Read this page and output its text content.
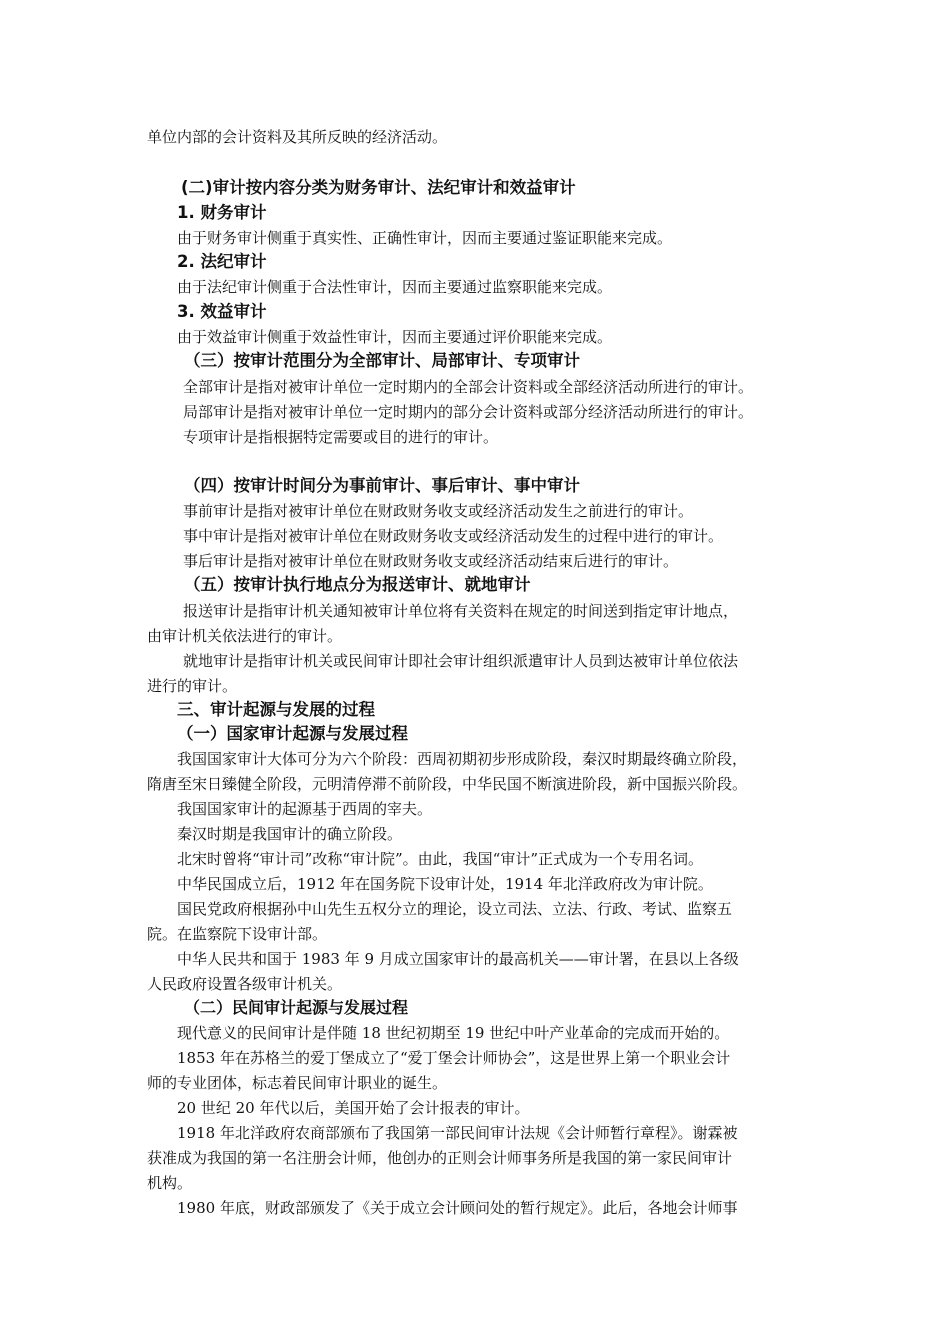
单位内部的会计资料及其所反映的经济活动。
(二)审计按内容分类为财务审计、法纪审计和效益审计
1. 财务审计
由于财务审计侧重于真实性、正确性审计，因而主要通过鉴证职能来完成。
2. 法纪审计
由于法纪审计侧重于合法性审计，因而主要通过监察职能来完成。
3. 效益审计
由于效益审计侧重于效益性审计，因而主要通过评价职能来完成。
（三）按审计范围分为全部审计、局部审计、专项审计
全部审计是指对被审计单位一定时期内的全部会计资料或全部经济活动所进行的审计。
局部审计是指对被审计单位一定时期内的部分会计资料或部分经济活动所进行的审计。
专项审计是指根据特定需要或目的进行的审计。
（四）按审计时间分为事前审计、事后审计、事中审计
事前审计是指对被审计单位在财政财务收支或经济活动发生之前进行的审计。
事中审计是指对被审计单位在财政财务收支或经济活动发生的过程中进行的审计。
事后审计是指对被审计单位在财政财务收支或经济活动结束后进行的审计。
（五）按审计执行地点分为报送审计、就地审计
报送审计是指审计机关通知被审计单位将有关资料在规定的时间送到指定审计地点，
由审计机关依法进行的审计。
就地审计是指审计机关或民间审计即社会审计组织派遣审计人员到达被审计单位依法
进行的审计。
三、审计起源与发展的过程
（一）国家审计起源与发展过程
我国国家审计大体可分为六个阶段：西周初期初步形成阶段，秦汉时期最终确立阶段，
隋唐至宋日臻健全阶段，元明清停滞不前阶段，中华民国不断演进阶段，新中国振兴阶段。
我国国家审计的起源基于西周的宰夫。
秦汉时期是我国审计的确立阶段。
北宋时曾将“审计司”改称“审计院”。由此，我国“审计”正式成为一个专用名词。
中华民国成立后，1912 年在国务院下设审计处，1914 年北洋政府改为审计院。
国民党政府根据孙中山先生五权分立的理论，设立司法、立法、行政、考试、监察五
院。在监察院下设审计部。
中华人民共和国于 1983 年 9 月成立国家审计的最高机关——审计署，在县以上各级
人民政府设置各级审计机关。
（二）民间审计起源与发展过程
现代意义的民间审计是伴随 18 世纪初期至 19 世纪中叶产业革命的完成而开始的。
1853 年在苏格兰的爱丁堡成立了“爱丁堡会计师协会”，这是世界上第一个职业会计
师的专业团体，标志着民间审计职业的诞生。
20 世纪 20 年代以后，美国开始了会计报表的审计。
1918 年北洋政府农商部颁布了我国第一部民间审计法规《会计师暂行章程》。谢霖被
获准成为我国的第一名注册会计师，他创办的正则会计师事务所是我国的第一家民间审计
机构。
1980 年底，财政部颁发了《关于成立会计顾问处的暂行规定》。此后，各地会计师事
